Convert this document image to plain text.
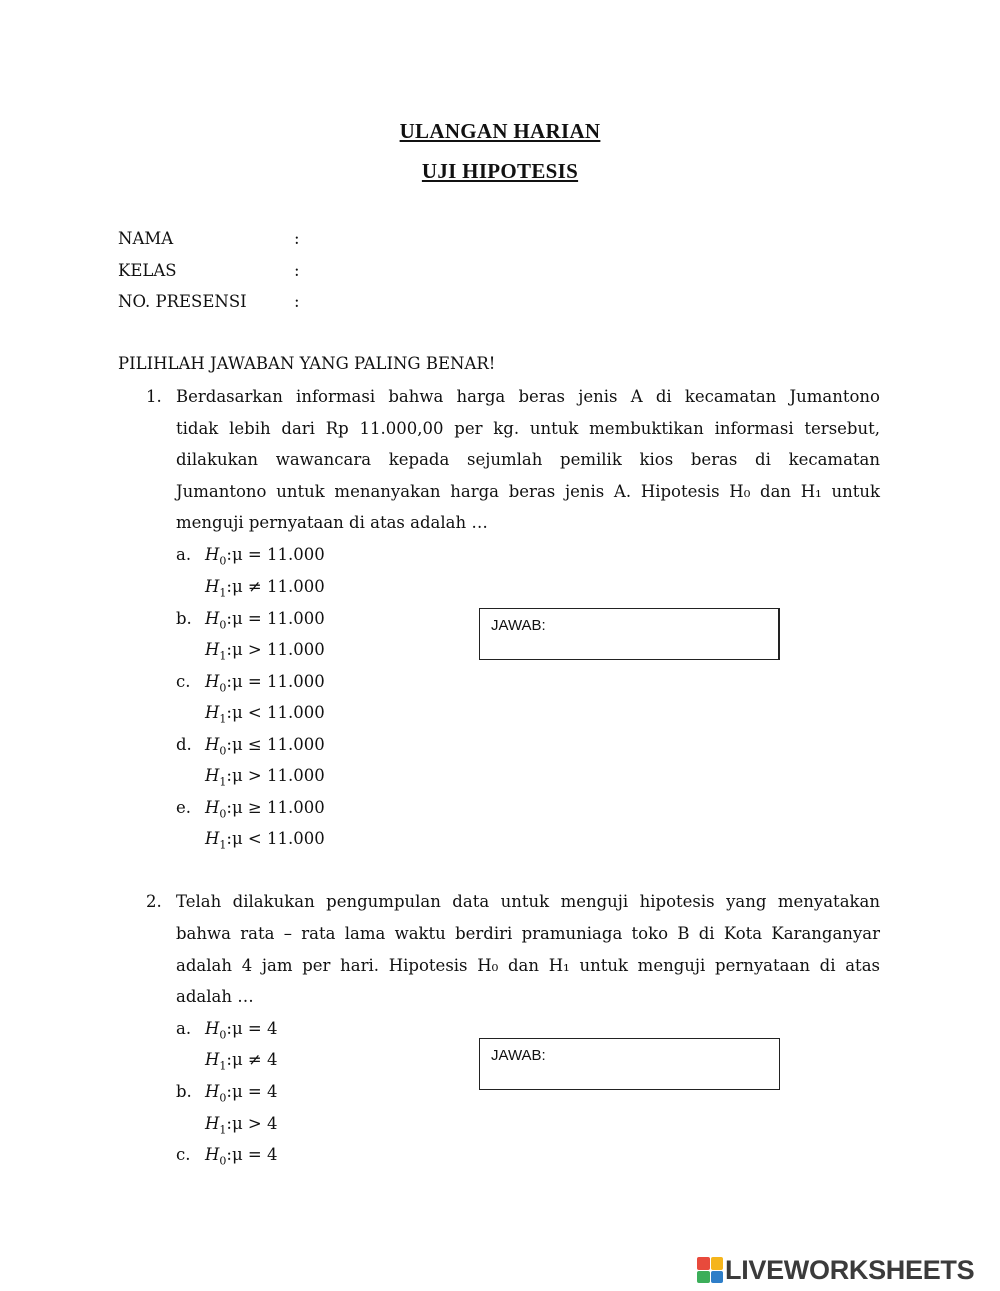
ULANGAN HARIAN
UJI HIPOTESIS
NAMA	:
KELAS	:
NO. PRESENSI	:
PILIHLAH JAWABAN YANG PALING BENAR!
1. Berdasarkan informasi bahwa harga beras jenis A di kecamatan Jumantono
tidak lebih dari Rp 11.000,00 per kg. untuk membuktikan informasi tersebut,
dilakukan wawancara kepada sejumlah pemilik kios beras di kecamatan
Jumantono untuk menanyakan harga beras jenis A. Hipotesis H₀ dan H₁ untuk
menguji pernyataan di atas adalah …
a. $H_0:\mu = 11.000$
$H_1:\mu \ne 11.000$
b. $H_0:\mu = 11.000$
$H_1:\mu > 11.000$
c. $H_0:\mu = 11.000$
$H_1:\mu < 11.000$
d. $H_0:\mu \le 11.000$
$H_1:\mu > 11.000$
e. $H_0:\mu \ge 11.000$
$H_1:\mu < 11.000$
JAWAB:
2. Telah dilakukan pengumpulan data untuk menguji hipotesis yang menyatakan
bahwa rata – rata lama waktu berdiri pramuniaga toko B di Kota Karanganyar
adalah 4 jam per hari. Hipotesis H₀ dan H₁ untuk menguji pernyataan di atas
adalah …
a. $H_0:\mu = 4$
$H_1:\mu \ne 4$
b. $H_0:\mu = 4$
$H_1:\mu > 4$
c. $H_0:\mu = 4$
JAWAB:
LIVEWORKSHEETS
